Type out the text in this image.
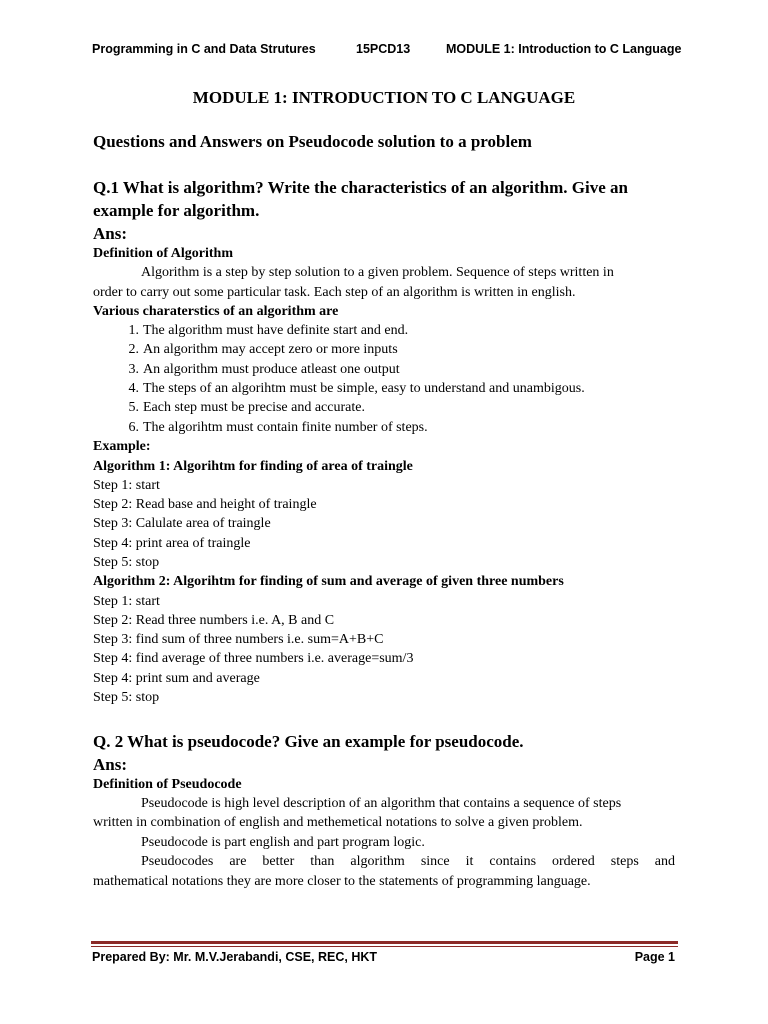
Programming in C and Data Strutures	15PCD13	MODULE 1: Introduction to C Language
MODULE 1: INTRODUCTION TO C LANGUAGE
Questions and Answers on Pseudocode solution to a problem
Q.1 What is algorithm? Write the characteristics of an algorithm. Give an
example for algorithm.
Ans:
Definition of Algorithm
Algorithm is a step by step solution to a given problem. Sequence of steps written in
order to carry out some particular task. Each step of an algorithm is written in english.
Various charaterstics of an algorithm are
1. The algorithm must have definite start and end.
2. An algorithm may accept zero or more inputs
3. An algorithm must produce atleast one output
4. The steps of an algorihtm must be simple, easy to understand and unambigous.
5. Each step must be precise and accurate.
6. The algorihtm must contain finite number of steps.
Example:
Algorithm 1: Algorihtm for finding of area of traingle
Step 1: start
Step 2: Read base and height of traingle
Step 3: Calulate area of traingle
Step 4: print area of traingle
Step 5: stop
Algorithm 2: Algorihtm for finding of sum and average of given three numbers
Step 1: start
Step 2: Read three numbers i.e. A, B and C
Step 3: find sum of three numbers i.e. sum=A+B+C
Step 4: find average of three numbers i.e. average=sum/3
Step 4: print sum and average
Step 5: stop
Q. 2 What is pseudocode? Give an example for pseudocode.
Ans:
Definition of Pseudocode
Pseudocode is high level description of an algorithm that contains a sequence of steps
written in combination of english and methemetical notations to solve a given problem.
Pseudocode is part english and part program logic.
Pseudocodes are better than algorithm since it contains ordered steps and
mathematical notations they are more closer to the statements of programming language.
Prepared By: Mr. M.V.Jerabandi, CSE, REC, HKT	Page 1
